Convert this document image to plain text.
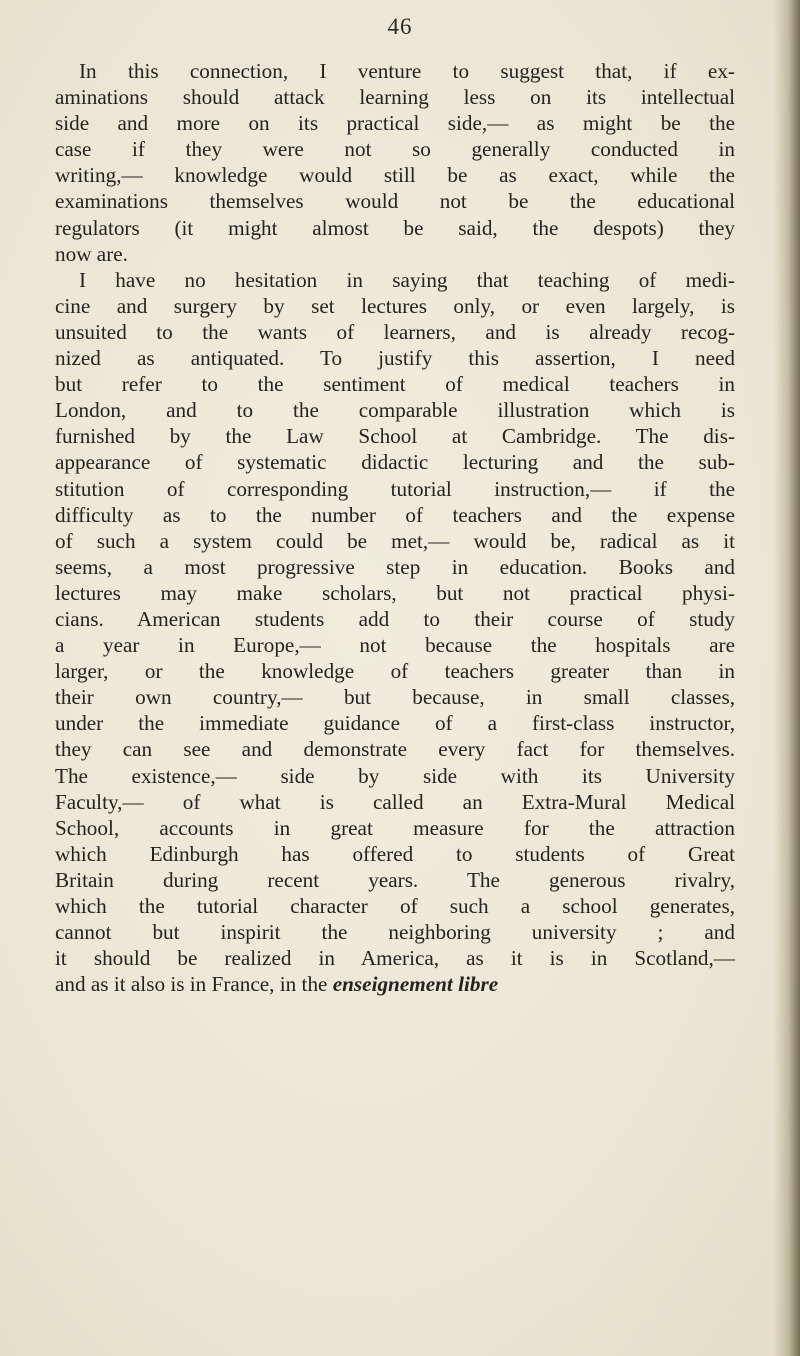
46
In this connection, I venture to suggest that, if ex-
aminations should attack learning less on its intellectual
side and more on its practical side,— as might be the
case if they were not so generally conducted in
writing,— knowledge would still be as exact, while the
examinations themselves would not be the educational
regulators (it might almost be said, the despots) they
now are.
I have no hesitation in saying that teaching of medi-
cine and surgery by set lectures only, or even largely, is
unsuited to the wants of learners, and is already recog-
nized as antiquated. To justify this assertion, I need
but refer to the sentiment of medical teachers in
London, and to the comparable illustration which is
furnished by the Law School at Cambridge. The dis-
appearance of systematic didactic lecturing and the sub-
stitution of corresponding tutorial instruction,— if the
difficulty as to the number of teachers and the expense
of such a system could be met,— would be, radical as it
seems, a most progressive step in education. Books and
lectures may make scholars, but not practical physi-
cians. American students add to their course of study
a year in Europe,— not because the hospitals are
larger, or the knowledge of teachers greater than in
their own country,— but because, in small classes,
under the immediate guidance of a first-class instructor,
they can see and demonstrate every fact for themselves.
The existence,— side by side with its University
Faculty,— of what is called an Extra-Mural Medical
School, accounts in great measure for the attraction
which Edinburgh has offered to students of Great
Britain during recent years. The generous rivalry,
which the tutorial character of such a school generates,
cannot but inspirit the neighboring university ; and
it should be realized in America, as it is in Scotland,—
and as it also is in France, in the enseignement libre
